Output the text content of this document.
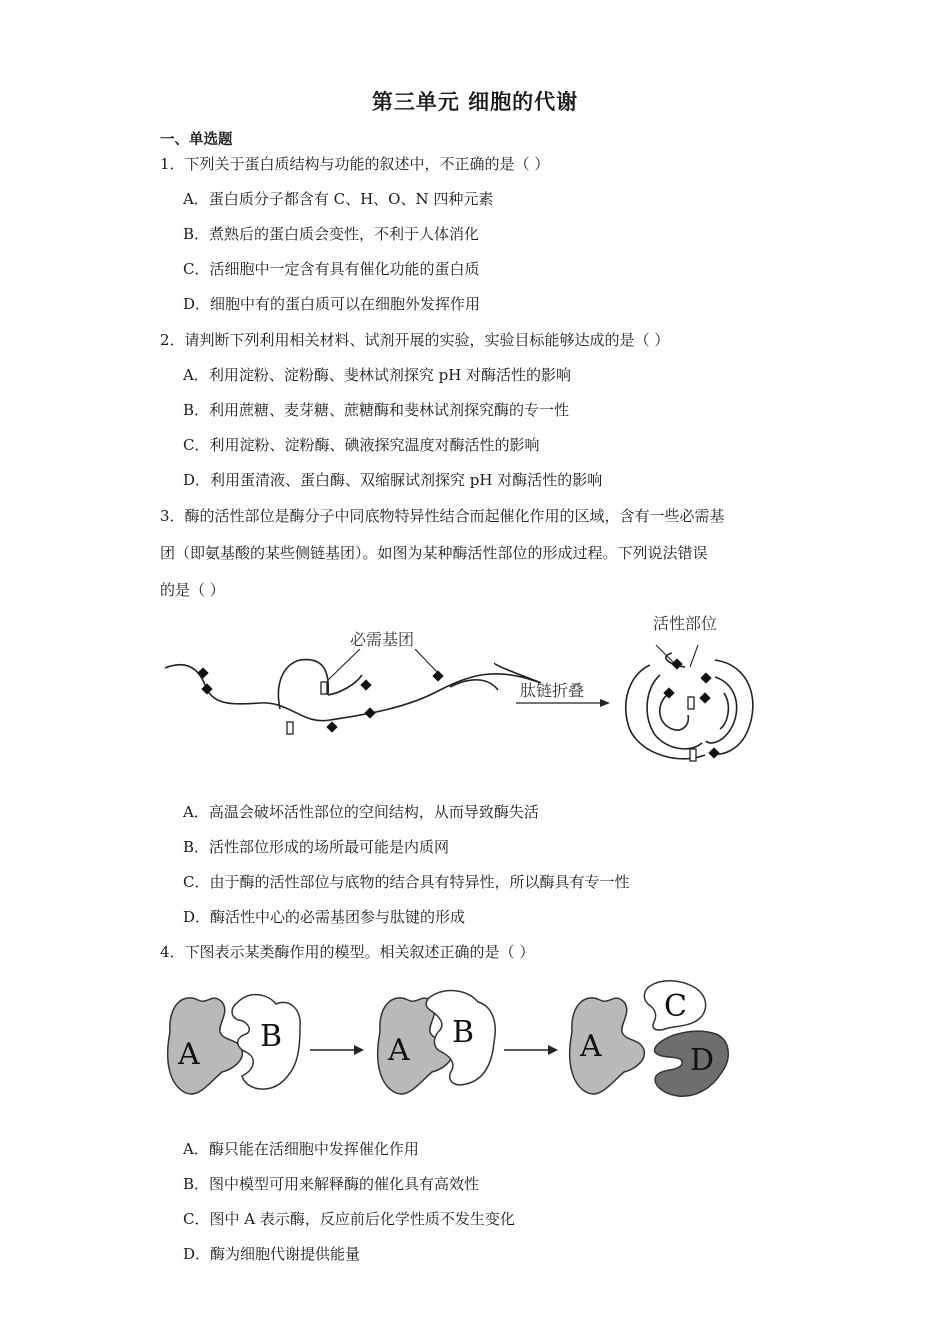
第三单元 细胞的代谢
一、单选题
1．下列关于蛋白质结构与功能的叙述中，不正确的是（ ）
A．蛋白质分子都含有 C、H、O、N 四种元素
B．煮熟后的蛋白质会变性，不利于人体消化
C．活细胞中一定含有具有催化功能的蛋白质
D．细胞中有的蛋白质可以在细胞外发挥作用
2．请判断下列利用相关材料、试剂开展的实验，实验目标能够达成的是（ ）
A．利用淀粉、淀粉酶、斐林试剂探究 pH 对酶活性的影响
B．利用蔗糖、麦芽糖、蔗糖酶和斐林试剂探究酶的专一性
C．利用淀粉、淀粉酶、碘液探究温度对酶活性的影响
D．利用蛋清液、蛋白酶、双缩脲试剂探究 pH 对酶活性的影响
3．酶的活性部位是酶分子中同底物特异性结合而起催化作用的区域，含有一些必需基
团（即氨基酸的某些侧链基团）。如图为某种酶活性部位的形成过程。下列说法错误
的是（ ）
必需基团
肽链折叠
活性部位
A．高温会破坏活性部位的空间结构，从而导致酶失活
B．活性部位形成的场所最可能是内质网
C．由于酶的活性部位与底物的结合具有特异性，所以酶具有专一性
D．酶活性中心的必需基团参与肽键的形成
4．下图表示某类酶作用的模型。相关叙述正确的是（ ）
A
B	A
B	A
C
D
A．酶只能在活细胞中发挥催化作用
B．图中模型可用来解释酶的催化具有高效性
C．图中 A 表示酶，反应前后化学性质不发生变化
D．酶为细胞代谢提供能量
